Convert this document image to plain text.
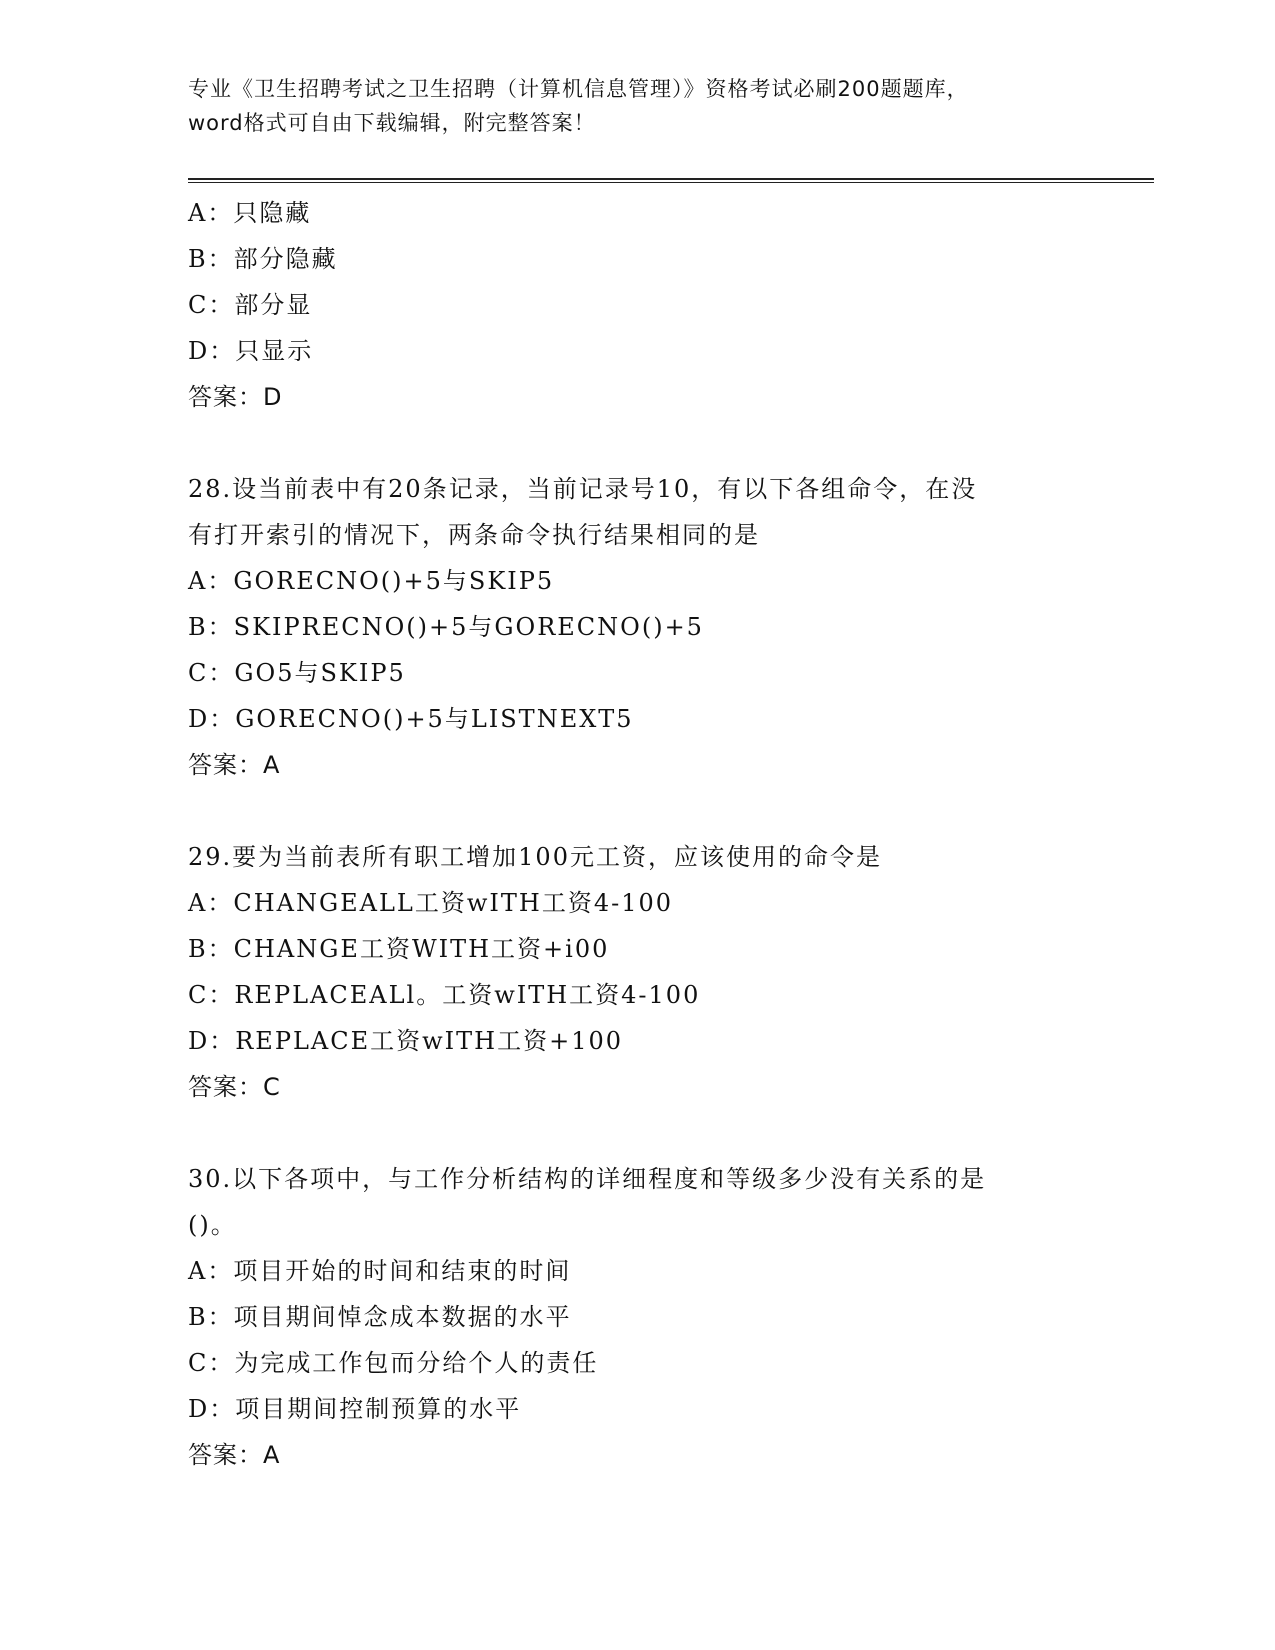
专业《卫生招聘考试之卫生招聘（计算机信息管理）》资格考试必刷200题题库，
word格式可自由下载编辑，附完整答案！
A：只隐藏
B：部分隐藏
C：部分显
D：只显示
答案：D
28.设当前表中有20条记录，当前记录号10，有以下各组命令，在没
有打开索引的情况下，两条命令执行结果相同的是
A：GORECNO()+5与SKIP5
B：SKIPRECNO()+5与GORECNO()+5
C：GO5与SKIP5
D：GORECNO()+5与LISTNEXT5
答案：A
29.要为当前表所有职工增加100元工资，应该使用的命令是
A：CHANGEALL工资wITH工资4-100
B：CHANGE工资WITH工资+i00
C：REPLACEALl。工资wITH工资4-100
D：REPLACE工资wITH工资+100
答案：C
30.以下各项中，与工作分析结构的详细程度和等级多少没有关系的是
()。
A：项目开始的时间和结束的时间
B：项目期间悼念成本数据的水平
C：为完成工作包而分给个人的责任
D：项目期间控制预算的水平
答案：A
